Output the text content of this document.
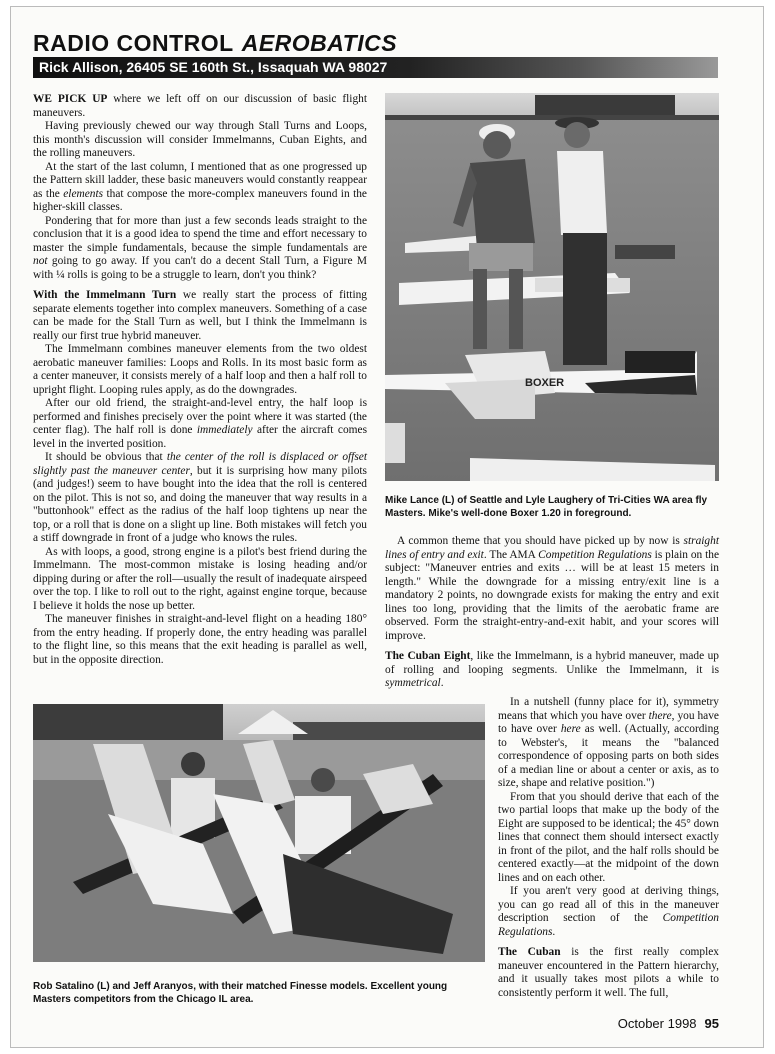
RADIO CONTROL AEROBATICS
Rick Allison, 26405 SE 160th St., Issaquah WA 98027

WE PICK UP where we left off on our discussion of basic flight maneuvers.

Having previously chewed our way through Stall Turns and Loops, this month's discussion will consider Immelmanns, Cuban Eights, and the rolling maneuvers.

At the start of the last column, I mentioned that as one progressed up the Pattern skill ladder, these basic maneuvers would constantly reappear as the elements that compose the more-complex maneuvers found in the higher-skill classes.

Pondering that for more than just a few seconds leads straight to the conclusion that it is a good idea to spend the time and effort necessary to master the simple fundamentals, because the simple fundamentals are not going to go away. If you can't do a decent Stall Turn, a Figure M with ¼ rolls is going to be a struggle to learn, don't you think?

With the Immelmann Turn we really start the process of fitting separate elements together into complex maneuvers. Something of a case can be made for the Stall Turn as well, but I think the Immelmann is really our first true hybrid maneuver.

The Immelmann combines maneuver elements from the two oldest aerobatic maneuver families: Loops and Rolls. In its most basic form as a center maneuver, it consists merely of a half loop and then a half roll to upright flight. Looping rules apply, as do the downgrades.

After our old friend, the straight-and-level entry, the half loop is performed and finishes precisely over the point where it was started (the center flag). The half roll is done immediately after the aircraft comes level in the inverted position.

It should be obvious that the center of the roll is displaced or offset slightly past the maneuver center, but it is surprising how many pilots (and judges!) seem to have bought into the idea that the roll is centered on the pilot. This is not so, and doing the maneuver that way results in a "buttonhook" effect as the radius of the half loop tightens up near the top, or a roll that is done on a slight up line. Both mistakes will fetch you a stiff downgrade in front of a judge who knows the rules.

As with loops, a good, strong engine is a pilot's best friend during the Immelmann. The most-common mistake is losing heading and/or dipping during or after the roll—usually the result of inadequate airspeed over the top. I like to roll out to the right, against engine torque, because I believe it holds the nose up better.

The maneuver finishes in straight-and-level flight on a heading 180° from the entry heading. If properly done, the entry heading was parallel to the flight line, so this means that the exit heading is parallel as well, but in the opposite direction.

BOXER
Mike Lance (L) of Seattle and Lyle Laughery of Tri-Cities WA area fly Masters. Mike's well-done Boxer 1.20 in foreground.

A common theme that you should have picked up by now is straight lines of entry and exit. The AMA Competition Regulations is plain on the subject: "Maneuver entries and exits … will be at least 15 meters in length." While the downgrade for a missing entry/exit line is a mandatory 2 points, no downgrade exists for making the entry and exit lines too long, providing that the limits of the aerobatic frame are observed. Form the straight-entry-and-exit habit, and your scores will improve.

The Cuban Eight, like the Immelmann, is a hybrid maneuver, made up of rolling and looping segments. Unlike the Immelmann, it is symmetrical.

Rob Satalino (L) and Jeff Aranyos, with their matched Finesse models. Excellent young Masters competitors from the Chicago IL area.

In a nutshell (funny place for it), symmetry means that which you have over there, you have to have over here as well. (Actually, according to Webster's, it means the "balanced correspondence of opposing parts on both sides of a median line or about a center or axis, as to size, shape and relative position.")

From that you should derive that each of the two partial loops that make up the body of the Eight are supposed to be identical; the 45° down lines that connect them should intersect exactly in front of the pilot, and the half rolls should be centered exactly—at the midpoint of the down lines and on each other.

If you aren't very good at deriving things, you can go read all of this in the maneuver description section of the Competition Regulations.

The Cuban is the first really complex maneuver encountered in the Pattern hierarchy, and it usually takes most pilots a while to consistently perform it well. The full,

October 1998 95
